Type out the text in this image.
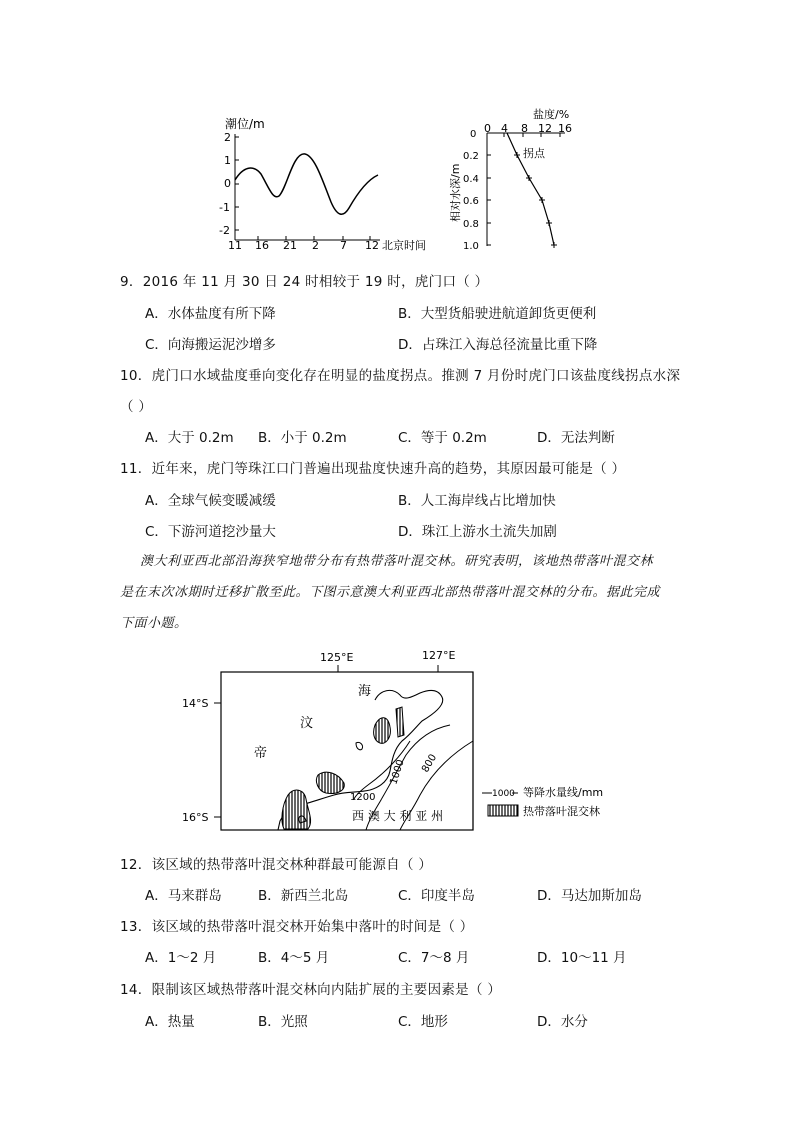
潮位/m
2
1
0
-1
-2
11 16 21 2 7 12 北京时间
盐度/%
0 4 8 12 16
0
0.2
0.4
0.6
0.8
1.0
相对水深/m
拐点
9．2016 年 11 月 30 日 24 时相较于 19 时，虎门口（ ）
A．水体盐度有所下降	B．大型货船驶进航道卸货更便利
C．向海搬运泥沙增多	D．占珠江入海总径流量比重下降
10．虎门口水域盐度垂向变化存在明显的盐度拐点。推测 7 月份时虎门口该盐度线拐点水深
（ ）
A．大于 0.2m B．小于 0.2m	C．等于 0.2m	D．无法判断
11．近年来，虎门等珠江口门普遍出现盐度快速升高的趋势，其原因最可能是（ ）
A．全球气候变暖减缓	B．人工海岸线占比增加快
C．下游河道挖沙量大	D．珠江上游水土流失加剧
澳大利亚西北部沿海狭窄地带分布有热带落叶混交林。研究表明，该地热带落叶混交林
是在末次冰期时迁移扩散至此。下图示意澳大利亚西北部热带落叶混交林的分布。据此完成
下面小题。
125°E	127°E
14°S
16°S
1200
1000 800
帝
汶
海
西 澳 大 利 亚 州
1000 等降水量线/mm
热带落叶混交林
12．该区域的热带落叶混交林种群最可能源自（ ）
A．马来群岛	B．新西兰北岛	C．印度半岛	D．马达加斯加岛
13．该区域的热带落叶混交林开始集中落叶的时间是（ ）
A．1～2 月	B．4～5 月	C．7～8 月	D．10～11 月
14．限制该区域热带落叶混交林向内陆扩展的主要因素是（ ）
A．热量	B．光照	C．地形	D．水分
